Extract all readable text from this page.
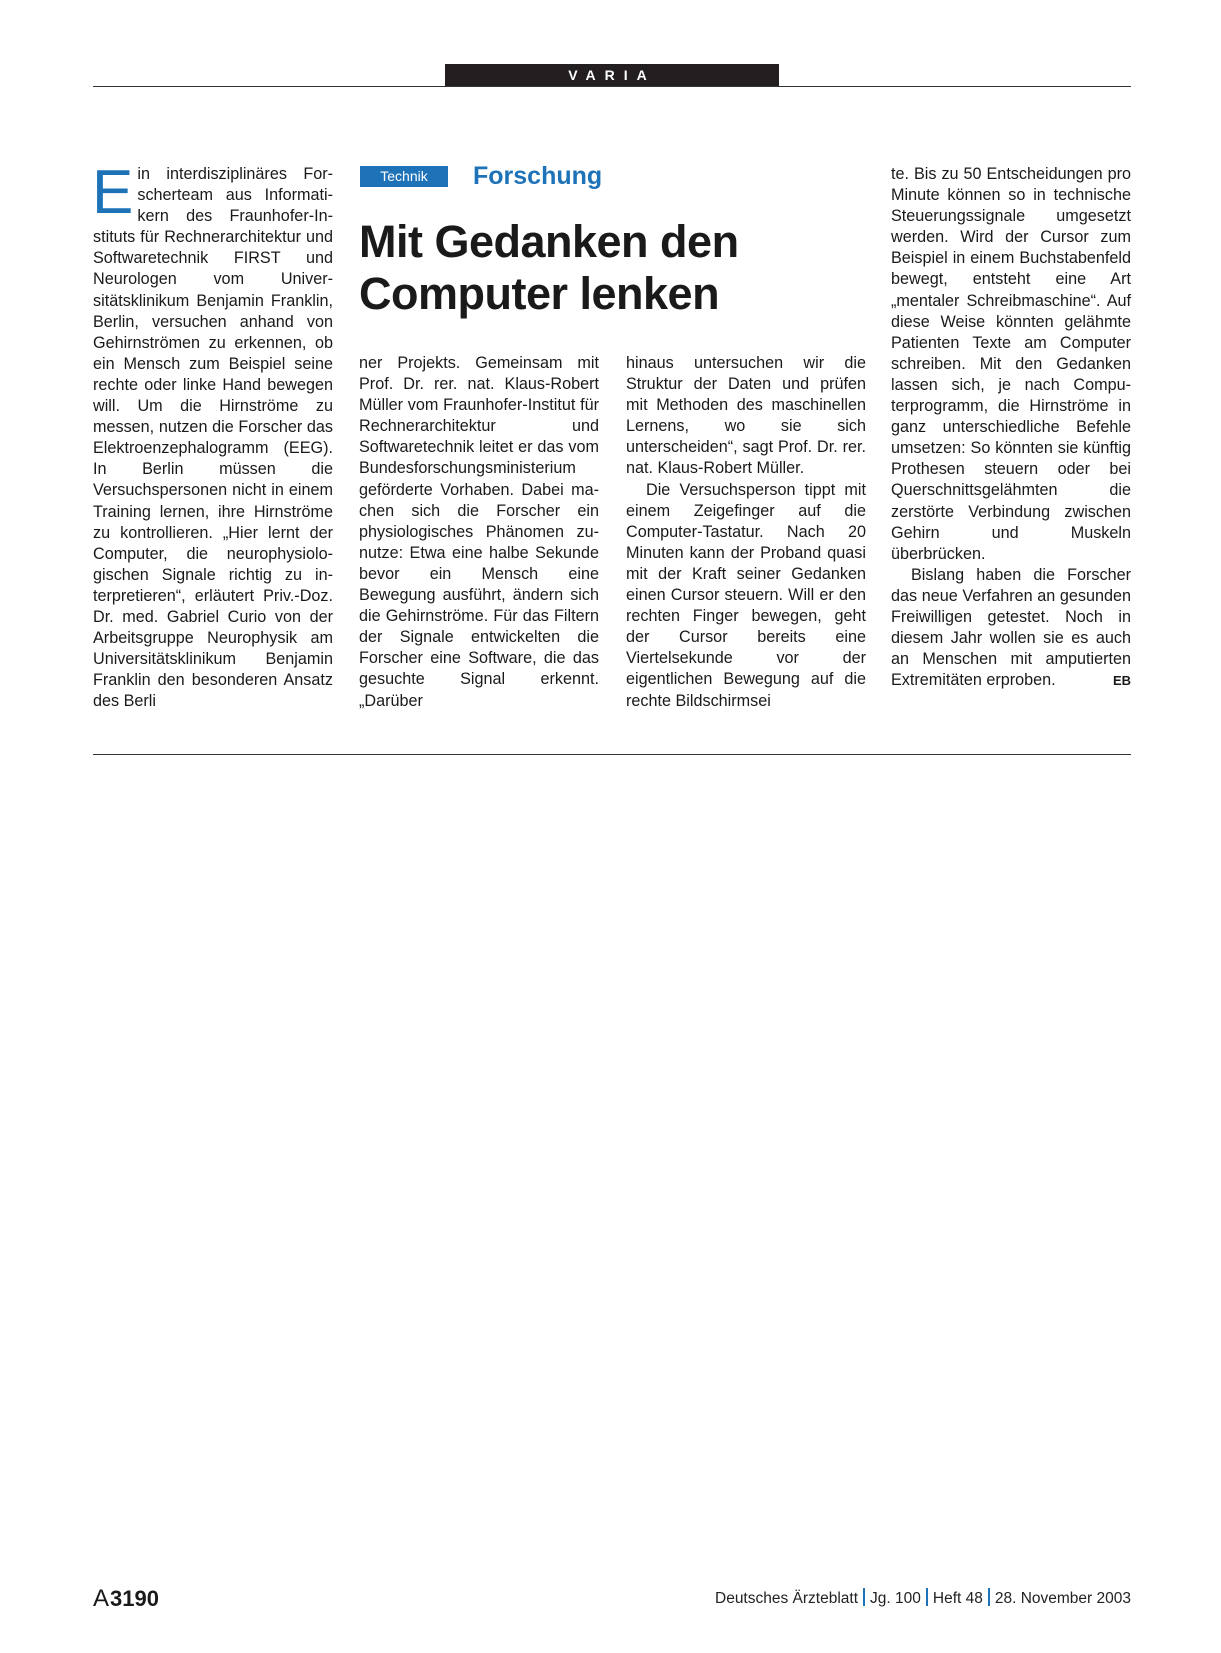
VARIA

Ein interdisziplinäres Forscherteam aus Informatikern des Fraunhofer-Instituts für Rechnerarchitektur und Softwaretechnik FIRST und Neurologen vom Universitätsklinikum Benjamin Franklin, Berlin, versuchen anhand von Gehirnströmen zu erkennen, ob ein Mensch zum Beispiel seine rechte oder linke Hand bewegen will. Um die Hirnströme zu messen, nutzen die Forscher das Elektroenzephalogramm (EEG). In Berlin müssen die Versuchspersonen nicht in einem Training lernen, ihre Hirnströme zu kontrollieren. „Hier lernt der Computer, die neurophysiologischen Signale richtig zu interpretieren“, erläutert Priv.-Doz. Dr. med. Gabriel Curio von der Arbeitsgruppe Neurophysik am Universitätsklinikum Benjamin Franklin den besonderen Ansatz des Berli

Technik	Forschung
Mit Gedanken den Computer lenken

ner Projekts. Gemeinsam mit Prof. Dr. rer. nat. Klaus-Robert Müller vom Fraunhofer-Institut für Rechnerarchitektur und Softwaretechnik leitet er das vom Bundesforschungsministerium geförderte Vorhaben. Dabei machen sich die Forscher ein physiologisches Phänomen zunutze: Etwa eine halbe Sekunde bevor ein Mensch eine Bewegung ausführt, ändern sich die Gehirnströme. Für das Filtern der Signale entwickelten die Forscher eine Software, die das gesuchte Signal erkennt. „Darüber

hinaus untersuchen wir die Struktur der Daten und prüfen mit Methoden des maschinellen Lernens, wo sie sich unterscheiden“, sagt Prof. Dr. rer. nat. Klaus-Robert Müller.

Die Versuchsperson tippt mit einem Zeigefinger auf die Computer-Tastatur. Nach 20 Minuten kann der Proband quasi mit der Kraft seiner Gedanken einen Cursor steuern. Will er den rechten Finger bewegen, geht der Cursor bereits eine Viertelsekunde vor der eigentlichen Bewegung auf die rechte Bildschirmsei

te. Bis zu 50 Entscheidungen pro Minute können so in technische Steuerungssignale umgesetzt werden. Wird der Cursor zum Beispiel in einem Buchstabenfeld bewegt, entsteht eine Art „mentaler Schreibmaschine“. Auf diese Weise könnten gelähmte Patienten Texte am Computer schreiben. Mit den Gedanken lassen sich, je nach Computerprogramm, die Hirnströme in ganz unterschiedliche Befehle umsetzen: So könnten sie künftig Prothesen steuern oder bei Querschnittsgelähmten die zerstörte Verbindung zwischen Gehirn und Muskeln überbrücken.

Bislang haben die Forscher das neue Verfahren an gesunden Freiwilligen getestet. Noch in diesem Jahr wollen sie es auch an Menschen mit amputierten Extremitäten erproben.	EB

A 3190	Deutsches Ärzteblatt Jg. 100 Heft 48 28. November 2003
